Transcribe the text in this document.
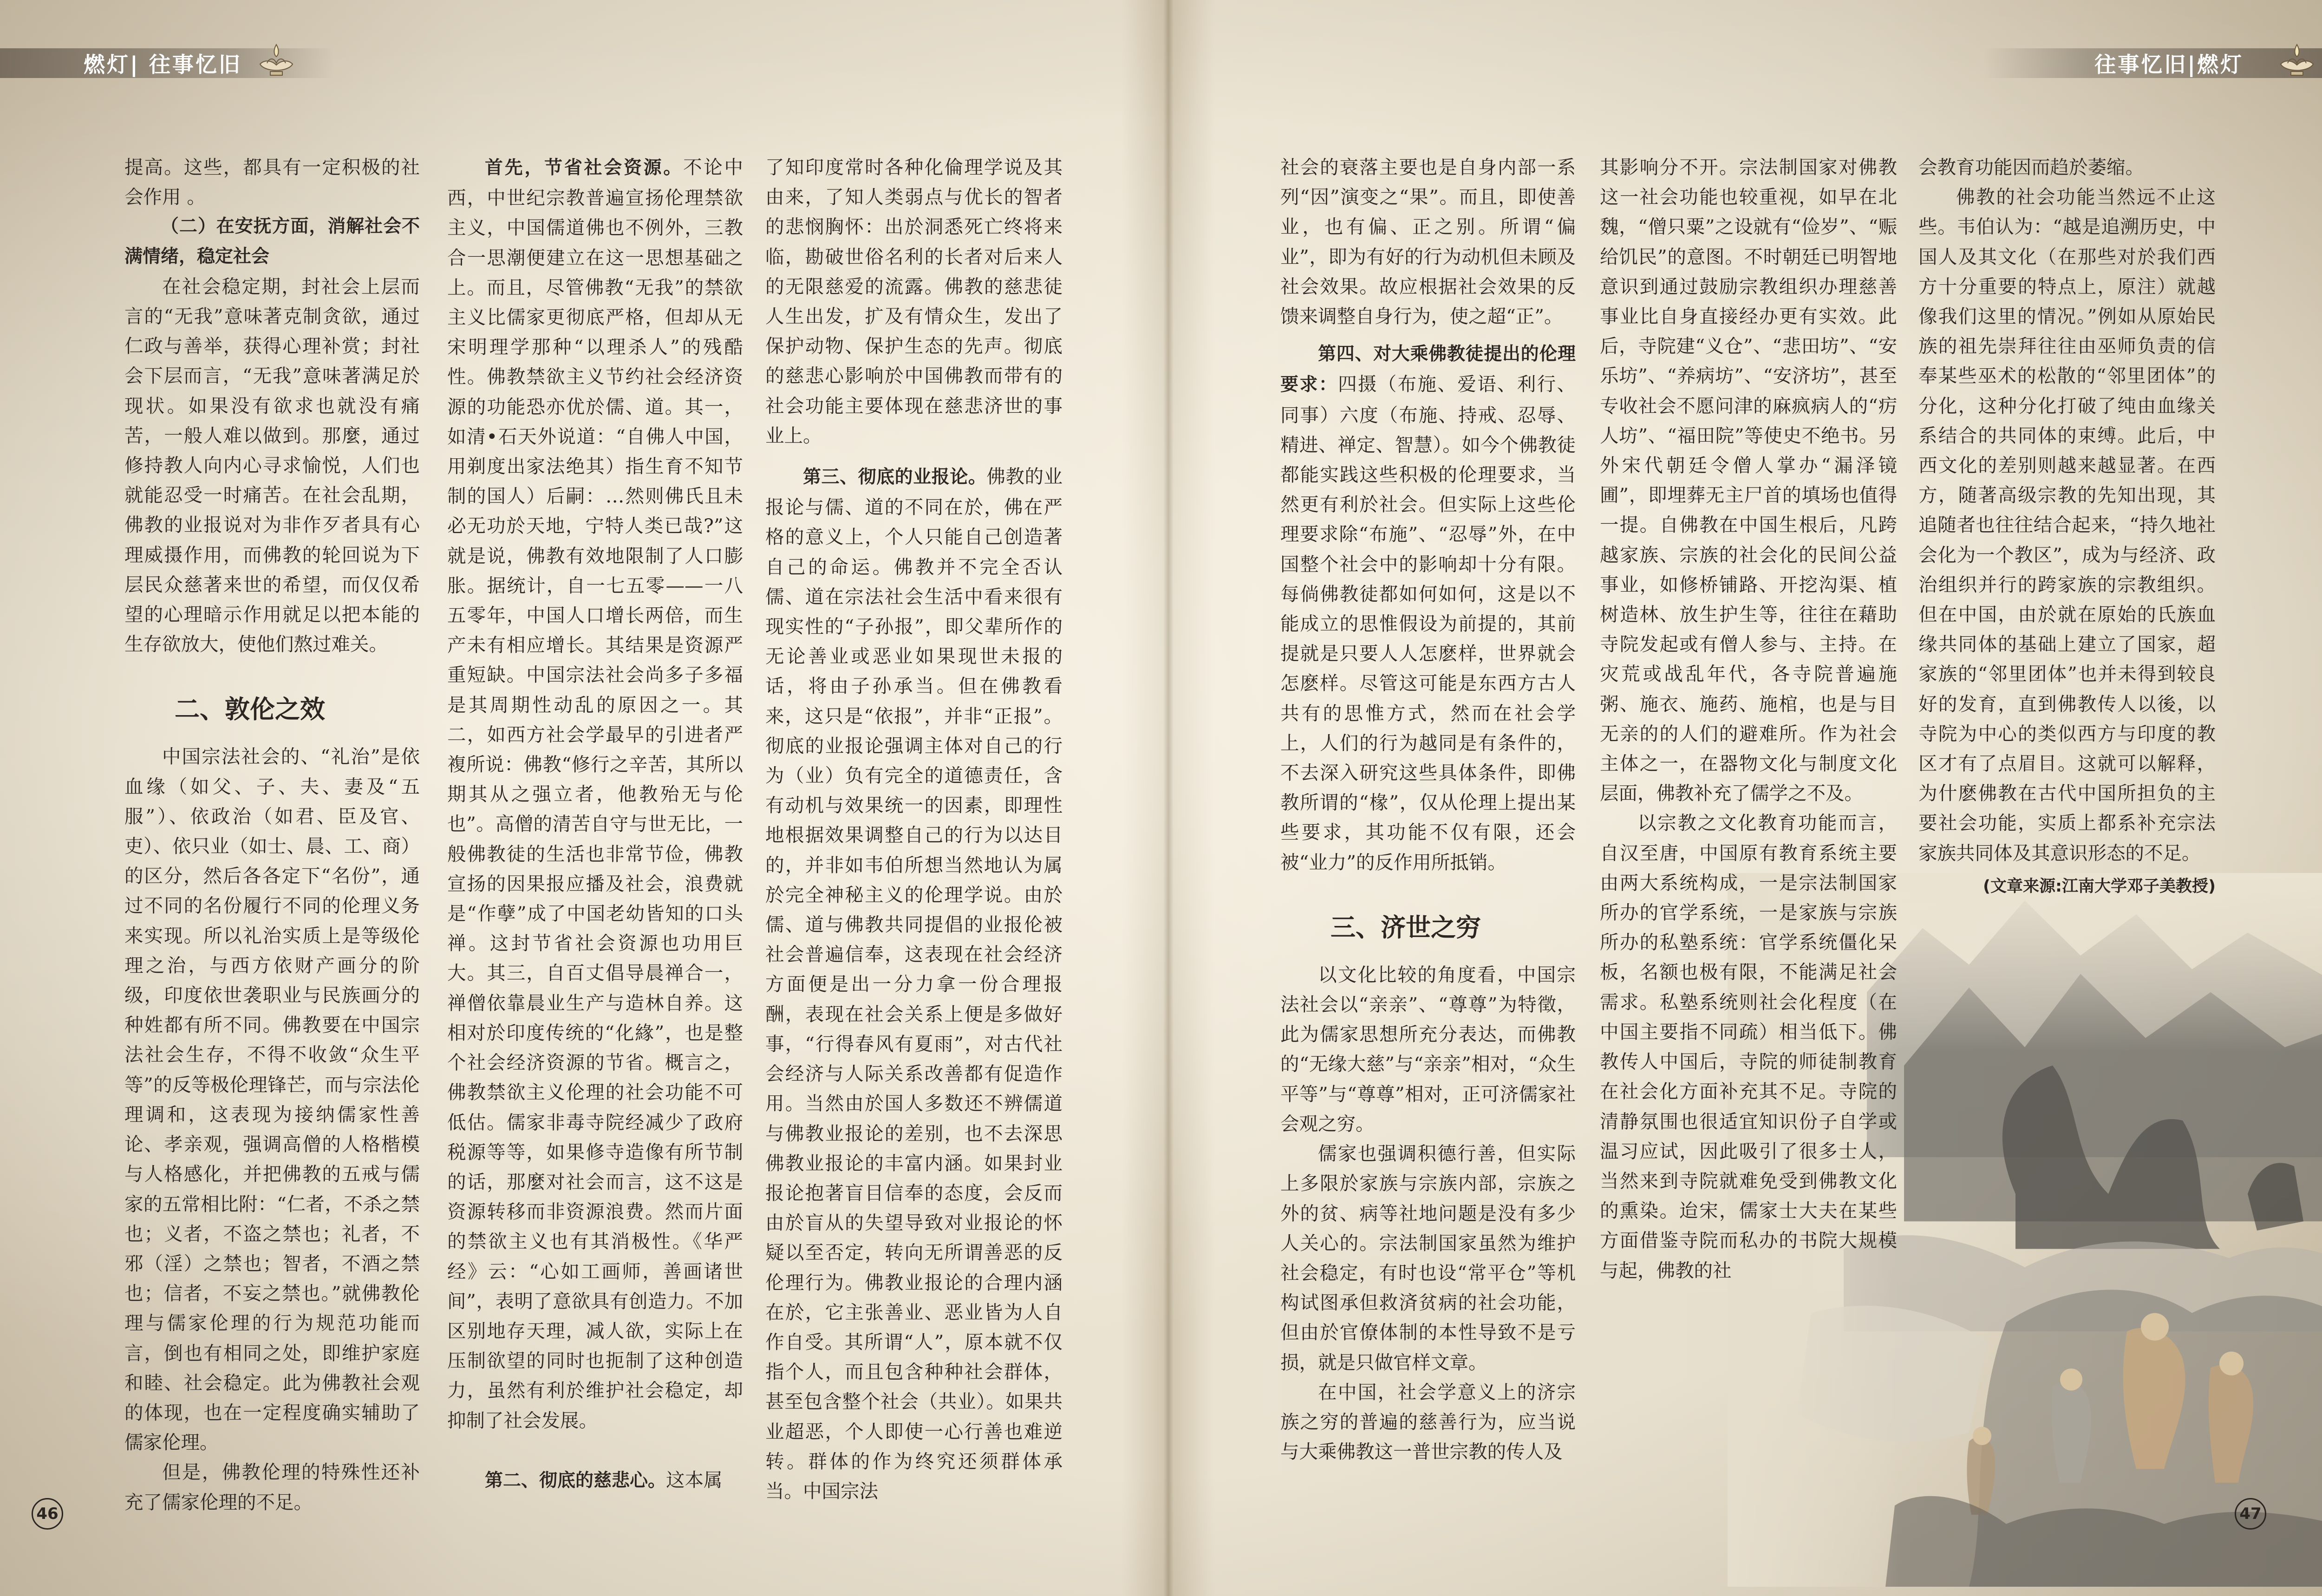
燃灯| 往事忆旧

提高。这些，都具有一定积极的社会作用 。

（二）在安抚方面，消解社会不满情绪，稳定社会

在社会稳定期，封社会上层而言的“无我”意味著克制贪欲，通过仁政与善举，获得心理补赏；封社会下层而言，“无我”意味著满足於现状。如果没有欲求也就没有痛苦，一般人难以做到。那麼，通过修持教人向内心寻求愉悦，人们也就能忍受一时痛苦。在社会乱期，佛教的业报说对为非作歹者具有心理威摄作用，而佛教的轮回说为下层民众慈著来世的希望，而仅仅希望的心理暗示作用就足以把本能的生存欲放大，使他们熬过难关。

二、敦伦之效

中国宗法社会的、“礼治”是依血缘（如父、子、夫、妻及“五服”）、依政治（如君、臣及官、吏）、依只业（如士、晨、工、商）的区分，然后各各定下“名份”，通过不同的名份履行不同的伦理义务来实现。所以礼治实质上是等级伦理之治，与西方依财产画分的阶级，印度依世袭职业与民族画分的种姓都有所不同。佛教要在中国宗法社会生存，不得不收敛“众生平等”的反等极伦理锋芒，而与宗法伦理调和，这表现为接纳儒家性善论、孝亲观，强调高僧的人格楷模与人格感化，并把佛教的五戒与儒家的五常相比附：“仁者，不杀之禁也；义者，不盗之禁也；礼者，不邪（淫）之禁也；智者，不酒之禁也；信者，不妄之禁也。”就佛教伦理与儒家伦理的行为规范功能而言，倒也有相同之处，即维护家庭和睦、社会稳定。此为佛教社会观的体现，也在一定程度确实辅助了儒家伦理。

但是，佛教伦理的特殊性还补充了儒家伦理的不足。

首先，节省社会资源。不论中西，中世纪宗教普遍宣扬伦理禁欲主义，中国儒道佛也不例外，三教合一思潮便建立在这一思想基础之上。而且，尽管佛教“无我”的禁欲主义比儒家更彻底严格，但却从无宋明理学那种“以理杀人”的残酷性。佛教禁欲主义节约社会经济资源的功能恐亦优於儒、道。其一，如清•石天外说道：“自佛人中国，用剃度出家法绝其）指生育不知节制的国人）后嗣：…然则佛氏且未必无功於天地，宁特人类已哉?”这就是说，佛教有效地限制了人口膨胀。据统计，自一七五零——一八五零年，中国人口增长两倍，而生产未有相应增长。其结果是资源严重短缺。中国宗法社会尚多子多福是其周期性动乱的原因之一。其二，如西方社会学最早的引进者严複所说：佛教“修行之辛苦，其所以期其从之强立者，他教殆无与伦也”。高僧的清苦自守与世无比，一般佛教徒的生活也非常节俭，佛教宣扬的因果报应播及社会，浪费就是“作孽”成了中国老幼皆知的口头禅。这封节省社会资源也功用巨大。其三，自百丈倡导晨禅合一，禅僧依靠晨业生产与造林自养。这相对於印度传统的“化緣”，也是整个社会经济资源的节省。概言之，佛教禁欲主义伦理的社会功能不可低估。儒家非毒寺院经减少了政府税源等等，如果修寺造像有所节制的话，那麼对社会而言，这不这是资源转移而非资源浪费。然而片面的禁欲主义也有其消极性。《华严经》云：“心如工画师，善画诸世间”，表明了意欲具有创造力。不加区别地存天理，减人欲，实际上在压制欲望的同时也扼制了这种创造力，虽然有利於维护社会稳定，却抑制了社会发展。

第二、彻底的慈悲心。这本属

了知印度常时各种化倫理学说及其由来，了知人类弱点与优长的智者的悲悯胸怀：出於洞悉死亡终将来临，勘破世俗名利的长者对后来人的无限慈爱的流露。佛教的慈悲徒人生出发，扩及有情众生，发出了保护动物、保护生态的先声。彻底的慈悲心影响於中国佛教而带有的社会功能主要体现在慈悲济世的事业上。

第三、彻底的业报论。佛教的业报论与儒、道的不同在於，佛在严格的意义上，个人只能自己创造著自己的命运。佛教并不完全否认儒、道在宗法社会生活中看来很有现实性的“子孙报”，即父辈所作的无论善业或恶业如果现世未报的话，将由子孙承当。但在佛教看来，这只是“依报”，并非“正报”。彻底的业报论强调主体对自己的行为（业）负有完全的道德责任，含有动机与效果统一的因素，即理性地根据效果调整自己的行为以达目的，并非如韦伯所想当然地认为属於完全神秘主义的伦理学说。由於儒、道与佛教共同提倡的业报伦被社会普遍信奉，这表现在社会经济方面便是出一分力拿一份合理报酬，表现在社会关系上便是多做好事，“行得春风有夏雨”，对古代社会经济与人际关系改善都有促造作用。当然由於国人多数还不辨儒道与佛教业报论的差别，也不去深思佛教业报论的丰富内涵。如果封业报论抱著盲目信奉的态度，会反而由於盲从的失望导致对业报论的怀疑以至否定，转向无所谓善恶的反伦理行为。佛教业报论的合理内涵在於，它主张善业、恶业皆为人自作自受。其所谓“人”，原本就不仅指个人，而且包含种种社会群体，甚至包含整个社会（共业）。如果共业超恶，个人即使一心行善也难逆转。群体的作为终究还须群体承当。中国宗法

46
往事忆旧|燃灯

社会的衰落主要也是自身内部一系列“因”演变之“果”。而且，即使善业，也有偏、正之别。所谓“偏业”，即为有好的行为动机但未顾及社会效果。故应根据社会效果的反馈来调整自身行为，使之超“正”。

第四、对大乘佛教徒提出的伦理要求：四摄（布施、爱语、利行、同事）六度（布施、持戒、忍辱、精进、禅定、智慧）。如今个佛教徒都能实践这些积极的伦理要求，当然更有利於社会。但实际上这些伦理要求除“布施”、“忍辱”外，在中国整个社会中的影响却十分有限。每倘佛教徒都如何如何，这是以不能成立的思惟假设为前提的，其前提就是只要人人怎麽样，世界就会怎麽样。尽管这可能是东西方古人共有的思惟方式，然而在社会学上，人们的行为越同是有条件的，不去深入研究这些具体条件，即佛教所谓的“椽”，仅从伦理上提出某些要求，其功能不仅有限，还会被“业力”的反作用所抵销。

三、济世之穷

以文化比较的角度看，中国宗法社会以“亲亲”、“尊尊”为特徵，此为儒家思想所充分表达，而佛教的“无缘大慈”与“亲亲”相对，“众生平等”与“尊尊”相对，正可济儒家社会观之穷。

儒家也强调积德行善，但实际上多限於家族与宗族内部，宗族之外的贫、病等社地问题是没有多少人关心的。宗法制国家虽然为维护社会稳定，有时也设“常平仓”等机构试图承但救済贫病的社会功能，但由於官僚体制的本性导致不是亏损，就是只做官样文章。

在中国，社会学意义上的济宗族之穷的普遍的慈善行为，应当说与大乘佛教这一普世宗教的传人及

其影响分不开。宗法制国家对佛教这一社会功能也较重视，如早在北魏，“僧只粟”之设就有“俭岁”、“赈给饥民”的意图。不时朝廷已明智地意识到通过鼓励宗教组织办理慈善事业比自身直接经办更有实效。此后，寺院建“义仓”、“悲田坊”、“安乐坊”、“养病坊”、“安济坊”，甚至专收社会不愿问津的麻疯病人的“疠人坊”、“福田院”等使史不绝书。另外宋代朝廷令僧人掌办“漏泽镜圃”，即埋葬无主尸首的填场也值得一提。自佛教在中国生根后，凡跨越家族、宗族的社会化的民间公益事业，如修桥铺路、开挖沟渠、植树造林、放生护生等，往往在藉助寺院发起或有僧人参与、主持。在灾荒或战乱年代，各寺院普遍施粥、施衣、施药、施棺，也是与目无亲的的人们的避难所。作为社会主体之一，在器物文化与制度文化层面，佛教补充了儒学之不及。

以宗教之文化教育功能而言，自汉至唐，中国原有教育系统主要由两大系统构成，一是宗法制国家所办的官学系统，一是家族与宗族所办的私塾系统：官学系统僵化呆板，名额也极有限，不能满足社会需求。私塾系统则社会化程度（在中国主要指不同疏）相当低下。佛教传人中国后，寺院的师徒制教育在社会化方面补充其不足。寺院的清静氛围也很适宜知识份子自学或温习应试，因此吸引了很多士人，当然来到寺院就难免受到佛教文化的熏染。迨宋，儒家士大夫在某些方面借鉴寺院而私办的书院大规模与起，佛教的社

会教育功能因而趋於萎缩。

佛教的社会功能当然远不止这些。韦伯认为：“越是追溯历史，中国人及其文化（在那些对於我们西方十分重要的特点上，原注）就越像我们这里的情况。”例如从原始民族的祖先崇拜往往由巫师负责的信奉某些巫术的松散的“邻里团体”的分化，这种分化打破了纯由血缘关系结合的共同体的束缚。此后，中西文化的差别则越来越显著。在西方，随著高级宗教的先知出现，其追随者也往往结合起来，“持久地社会化为一个教区”，成为与经济、政治组织并行的跨家族的宗教组织。但在中国，由於就在原始的氏族血缘共同体的基础上建立了国家，超家族的“邻里团体”也并未得到较良好的发育，直到佛教传人以後，以寺院为中心的类似西方与印度的教区才有了点眉目。这就可以解释，为什麽佛教在古代中国所担负的主要社会功能，实质上都系补充宗法家族共同体及其意识形态的不足。

(文章来源:江南大学邓子美教授)
47
